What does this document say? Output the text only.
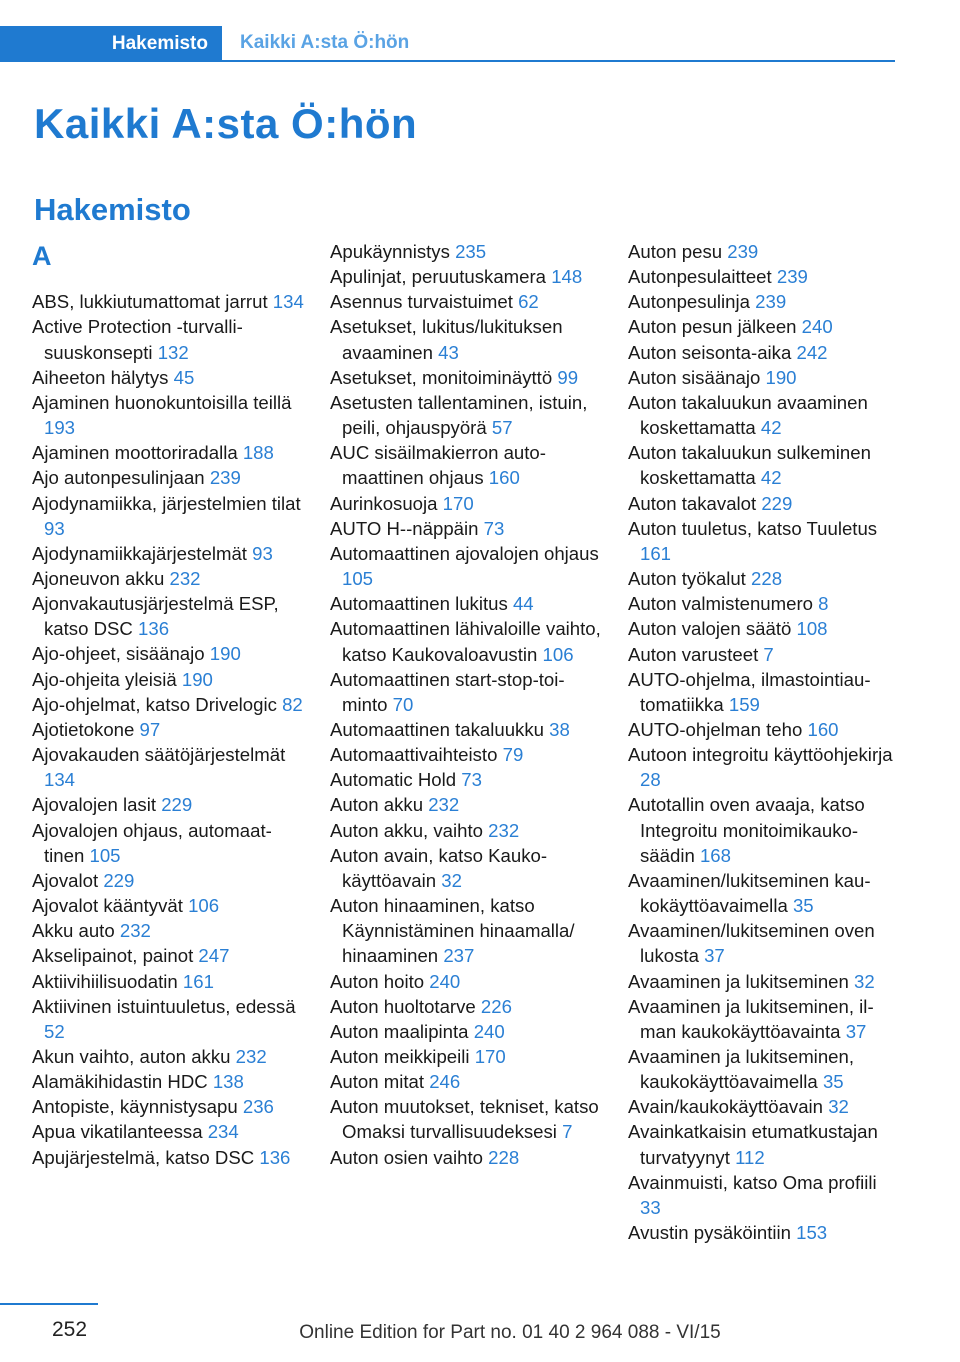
Hakemisto	Kaikki A:sta Ö:hön
Kaikki A:sta Ö:hön
Hakemisto
A
ABS, lukkiutumattomat jarrut 134
Active Protection -turvallisuuskonsepti 132
Aiheeton hälytys 45
Ajaminen huonokuntoisilla teillä 193
Ajaminen moottoriradalla 188
Ajo autonpesulinjaan 239
Ajodynamiikka, järjestelmien tilat 93
Ajodynamiikkajärjestelmät 93
Ajoneuvon akku 232
Ajonvakautusjärjestelmä ESP, katso DSC 136
Ajo-ohjeet, sisäänajo 190
Ajo-ohjeita yleisiä 190
Ajo-ohjelmat, katso Drivelogic 82
Ajotietokone 97
Ajovakauden säätöjärjestelmät 134
Ajovalojen lasit 229
Ajovalojen ohjaus, automaattinen 105
Ajovalot 229
Ajovalot kääntyvät 106
Akku auto 232
Akselipainot, painot 247
Aktiivihiilisuodatin 161
Aktiivinen istuintuuletus, edessä 52
Akun vaihto, auton akku 232
Alamäkihidastin HDC 138
Antopiste, käynnistysapu 236
Apua vikatilanteessa 234
Apujärjestelmä, katso DSC 136
Apukäynnistys 235
Apulinjat, peruutuskamera 148
Asennus turvaistuimet 62
Asetukset, lukitus/lukituksen avaaminen 43
Asetukset, monitoiminäyttö 99
Asetusten tallentaminen, istuin, peili, ohjauspyörä 57
AUC sisäilmakierron automaattinen ohjaus 160
Aurinkosuoja 170
AUTO H‐‐näppäin 73
Automaattinen ajovalojen ohjaus 105
Automaattinen lukitus 44
Automaattinen lähivaloille vaihto, katso Kaukovaloavustin 106
Automaattinen start-stop-toiminto 70
Automaattinen takaluukku 38
Automaattivaihteisto 79
Automatic Hold 73
Auton akku 232
Auton akku, vaihto 232
Auton avain, katso Kaukokäyttöavain 32
Auton hinaaminen, katso Käynnistäminen hinaamalla/ hinaaminen 237
Auton hoito 240
Auton huoltotarve 226
Auton maalipinta 240
Auton meikkipeili 170
Auton mitat 246
Auton muutokset, tekniset, katso Omaksi turvallisuudeksesi 7
Auton osien vaihto 228
Auton pesu 239
Autonpesulaitteet 239
Autonpesulinja 239
Auton pesun jälkeen 240
Auton seisonta-aika 242
Auton sisäänajo 190
Auton takaluukun avaaminen koskettamatta 42
Auton takaluukun sulkeminen koskettamatta 42
Auton takavalot 229
Auton tuuletus, katso Tuuletus 161
Auton työkalut 228
Auton valmistenumero 8
Auton valojen säätö 108
Auton varusteet 7
AUTO-ohjelma, ilmastointiautomatiikka 159
AUTO-ohjelman teho 160
Autoon integroitu käyttöohjekirja 28
Autotallin oven avaaja, katso Integroitu monitoimikaukosäädin 168
Avaaminen/lukitseminen kaukokäyttöavaimella 35
Avaaminen/lukitseminen oven lukosta 37
Avaaminen ja lukitseminen 32
Avaaminen ja lukitseminen, ilman kaukokäyttöavainta 37
Avaaminen ja lukitseminen, kaukokäyttöavaimella 35
Avain/kaukokäyttöavain 32
Avainkatkaisin etumatkustajan turvatyynyt 112
Avainmuisti, katso Oma profiili 33
Avustin pysäköintiin 153
252	Online Edition for Part no. 01 40 2 964 088 - VI/15
